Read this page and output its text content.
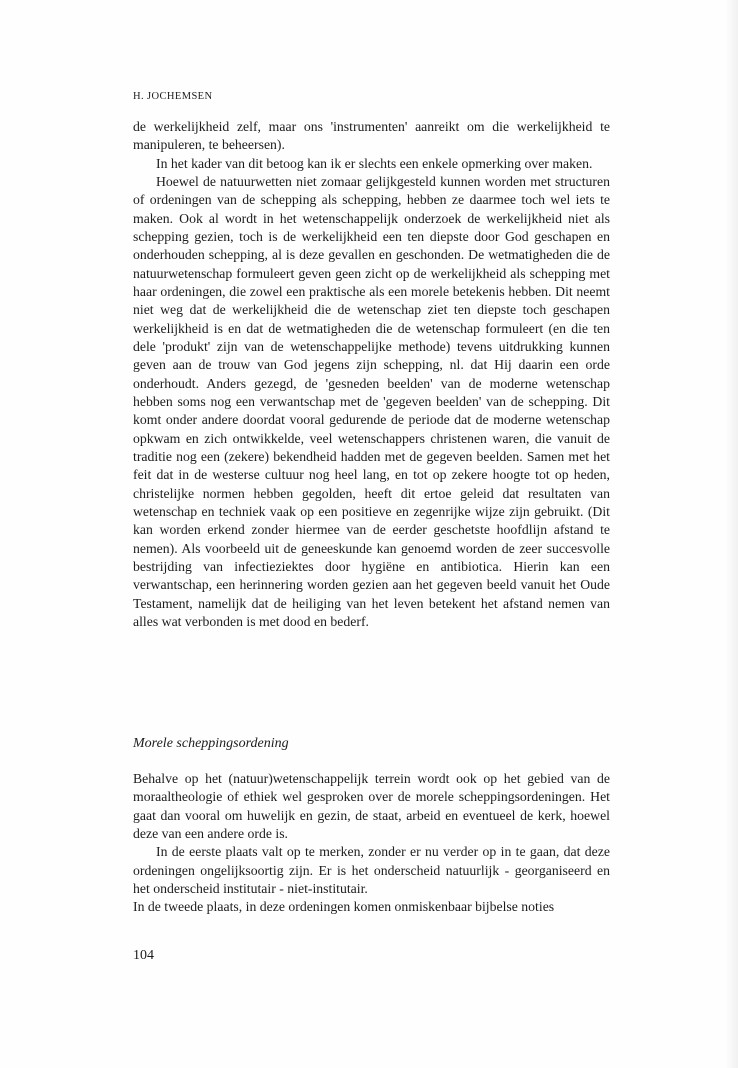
H. JOCHEMSEN

de werkelijkheid zelf, maar ons 'instrumenten' aanreikt om die werkelijkheid te manipuleren, te beheersen).

In het kader van dit betoog kan ik er slechts een enkele opmerking over maken.

Hoewel de natuurwetten niet zomaar gelijkgesteld kunnen worden met structuren of ordeningen van de schepping als schepping, hebben ze daarmee toch wel iets te maken. Ook al wordt in het wetenschappelijk onderzoek de werkelijkheid niet als schepping gezien, toch is de werkelijkheid een ten diepste door God geschapen en onderhouden schepping, al is deze gevallen en geschonden. De wetmatigheden die de natuurwetenschap formuleert geven geen zicht op de werkelijkheid als schepping met haar ordeningen, die zowel een praktische als een morele betekenis hebben. Dit neemt niet weg dat de werkelijkheid die de wetenschap ziet ten diepste toch geschapen werkelijkheid is en dat de wetmatigheden die de wetenschap formuleert (en die ten dele 'produkt' zijn van de wetenschappelijke methode) tevens uitdrukking kunnen geven aan de trouw van God jegens zijn schepping, nl. dat Hij daarin een orde onderhoudt. Anders gezegd, de 'gesneden beelden' van de moderne wetenschap hebben soms nog een verwantschap met de 'gegeven beelden' van de schepping. Dit komt onder andere doordat vooral gedurende de periode dat de moderne wetenschap opkwam en zich ontwikkelde, veel wetenschappers christenen waren, die vanuit de traditie nog een (zekere) bekendheid hadden met de gegeven beelden. Samen met het feit dat in de westerse cultuur nog heel lang, en tot op zekere hoogte tot op heden, christelijke normen hebben gegolden, heeft dit ertoe geleid dat resultaten van wetenschap en techniek vaak op een positieve en zegenrijke wijze zijn gebruikt. (Dit kan worden erkend zonder hiermee van de eerder geschetste hoofdlijn afstand te nemen). Als voorbeeld uit de geneeskunde kan genoemd worden de zeer succesvolle bestrijding van infectieziektes door hygiëne en antibiotica. Hierin kan een verwantschap, een herinnering worden gezien aan het gegeven beeld vanuit het Oude Testament, namelijk dat de heiliging van het leven betekent het afstand nemen van alles wat verbonden is met dood en bederf.

Morele scheppingsordening

Behalve op het (natuur)wetenschappelijk terrein wordt ook op het gebied van de moraaltheologie of ethiek wel gesproken over de morele scheppingsordeningen. Het gaat dan vooral om huwelijk en gezin, de staat, arbeid en eventueel de kerk, hoewel deze van een andere orde is.

In de eerste plaats valt op te merken, zonder er nu verder op in te gaan, dat deze ordeningen ongelijksoortig zijn. Er is het onderscheid natuurlijk - georganiseerd en het onderscheid institutair - niet-institutair.

In de tweede plaats, in deze ordeningen komen onmiskenbaar bijbelse noties

104
